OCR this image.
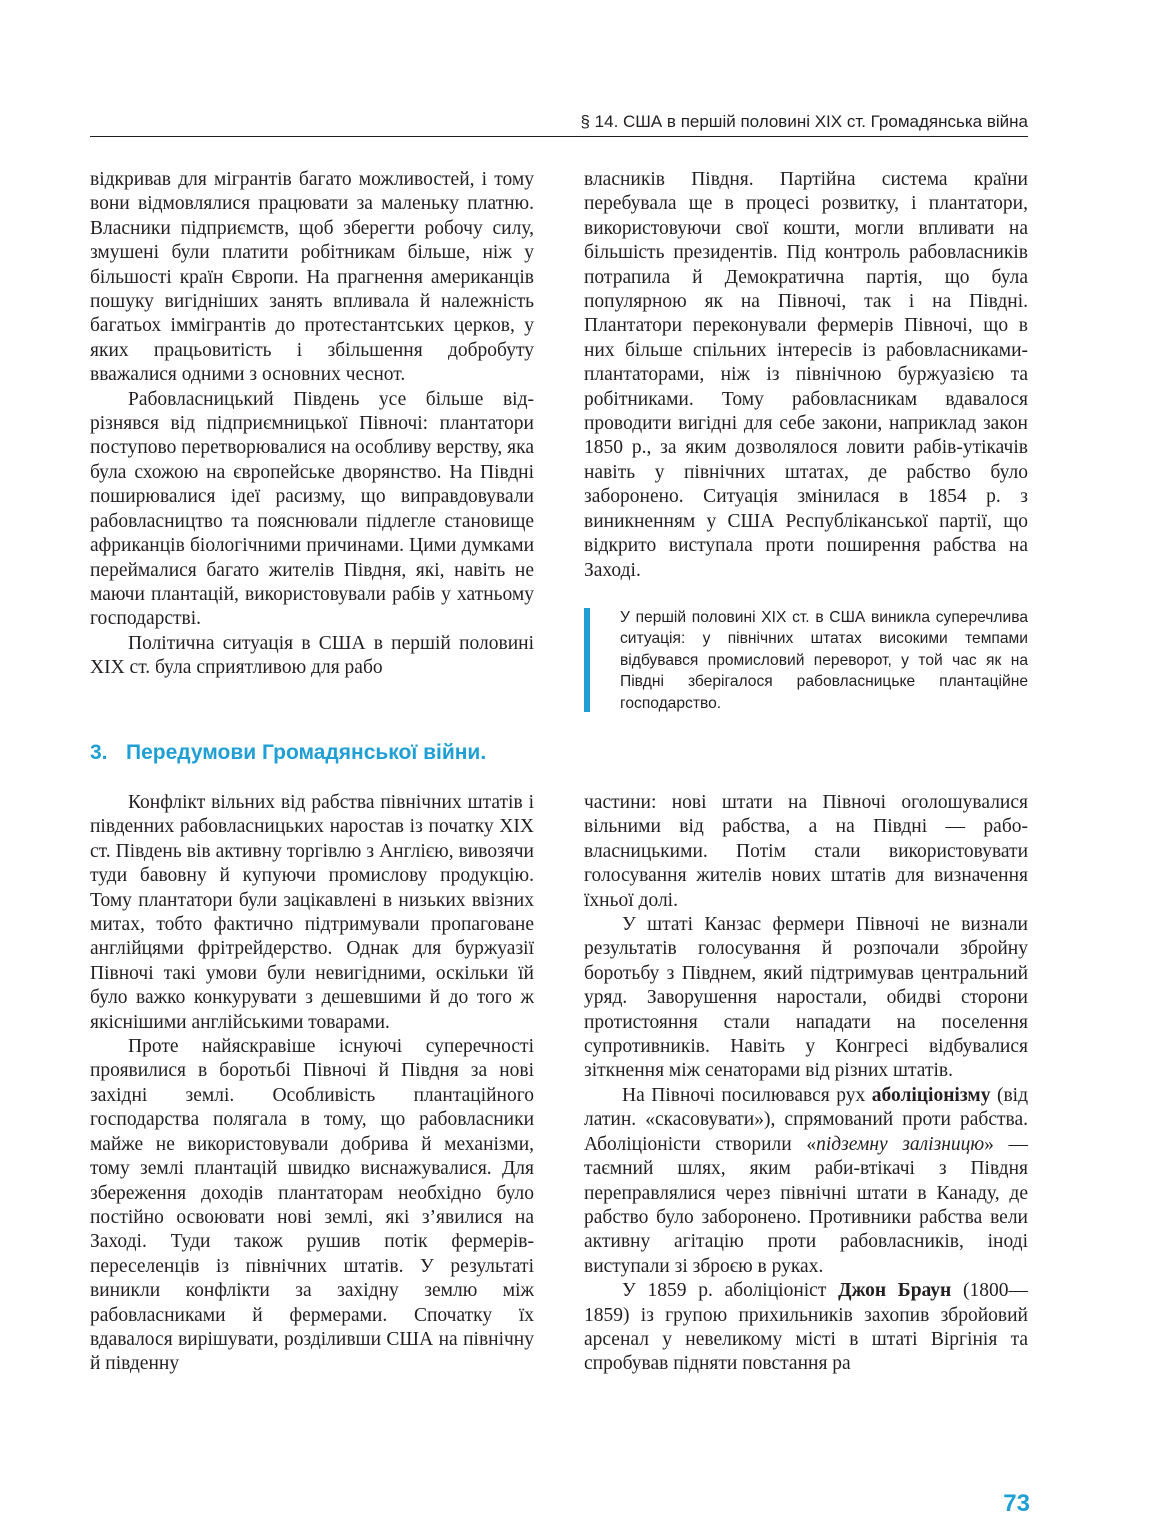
§ 14. США в першій половині XIX ст. Громадянська війна

відкривав для мігрантів багато можливостей, і тому вони відмовлялися працювати за маленьку платню. Власники підприємств, щоб зберегти робочу силу, змушені були платити робітникам більше, ніж у більшості країн Європи. На прагнення американців пошуку вигідніших занять впливала й належність багатьох іммігрантів до протестантських церков, у яких працьовитість і збільшення добробуту вважалися одними з основних чеснот.

Рабовласницький Південь усе більше відрізнявся від підприємницької Півночі: плантатори поступово перетворювалися на особливу верству, яка була схожою на європейське дворянство. На Півдні поширювалися ідеї расизму, що виправдовували рабовласництво та пояснювали підлегле становище африканців біологічними причинами. Цими думками переймалися багато жителів Півдня, які, навіть не маючи плантацій, використовували рабів у хатньому господарстві.

Політична ситуація в США в першій половині XIX ст. була сприятливою для рабо

власників Півдня. Партійна система країни перебувала ще в процесі розвитку, і плантатори, використовуючи свої кошти, могли впливати на більшість президентів. Під контроль рабовласників потрапила й Демократична партія, що була популярною як на Півночі, так і на Півдні. Плантатори переконували фермерів Півночі, що в них більше спільних інтересів із рабовласниками-плантаторами, ніж із північною буржуазією та робітниками. Тому рабовласникам вдавалося проводити вигідні для себе закони, наприклад закон 1850 р., за яким дозволялося ловити рабів-утікачів навіть у північних штатах, де рабство було заборонено. Ситуація змінилася в 1854 р. з виникненням у США Республіканської партії, що відкрито виступала проти поширення рабства на Заході.

У першій половині XIX ст. в США виникла суперечлива ситуація: у північних штатах високими темпами відбувався промисловий переворот, у той час як на Півдні зберігалося рабовласницьке плантаційне господарство.

3. Передумови Громадянської війни.

Конфлікт вільних від рабства північних штатів і південних рабовласницьких наростав із початку XIX ст. Південь вів активну торгівлю з Англією, вивозячи туди бавовну й купуючи промислову продукцію. Тому плантатори були зацікавлені в низьких ввізних митах, тобто фактично підтримували пропаговане англійцями фрітрейдерство. Однак для буржуазії Півночі такі умови були невигідними, оскільки їй було важко конкурувати з дешевшими й до того ж якіснішими англійськими товарами.

Проте найяскравіше існуючі суперечності проявилися в боротьбі Півночі й Півдня за нові західні землі. Особливість плантаційного господарства полягала в тому, що рабовласники майже не використовували добрива й механізми, тому землі плантацій швидко виснажувалися. Для збереження доходів плантаторам необхідно було постійно освоювати нові землі, які з’явилися на Заході. Туди також рушив потік фермерів-переселенців із північних штатів. У результаті виникли конфлікти за західну землю між рабовласниками й фермерами. Спочатку їх вдавалося вирішувати, розділивши США на північну й південну

частини: нові штати на Півночі оголошувалися вільними від рабства, а на Півдні — рабовласницькими. Потім стали використовувати голосування жителів нових штатів для визначення їхньої долі.

У штаті Канзас фермери Півночі не визнали результатів голосування й розпочали збройну боротьбу з Півднем, який підтримував центральний уряд. Заворушення наростали, обидві сторони протистояння стали нападати на поселення супротивників. Навіть у Конгресі відбувалися зіткнення між сенаторами від різних штатів.

На Півночі посилювався рух аболіціонізму (від латин. «скасовувати»), спрямований проти рабства. Аболіціоністи створили «підземну залізницю» — таємний шлях, яким раби-втікачі з Півдня переправлялися через північні штати в Канаду, де рабство було заборонено. Противники рабства вели активну агітацію проти рабовласників, іноді виступали зі зброєю в руках.

У 1859 р. аболіціоніст Джон Браун (1800—1859) із групою прихильників захопив збройовий арсенал у невеликому місті в штаті Віргінія та спробував підняти повстання ра

73
